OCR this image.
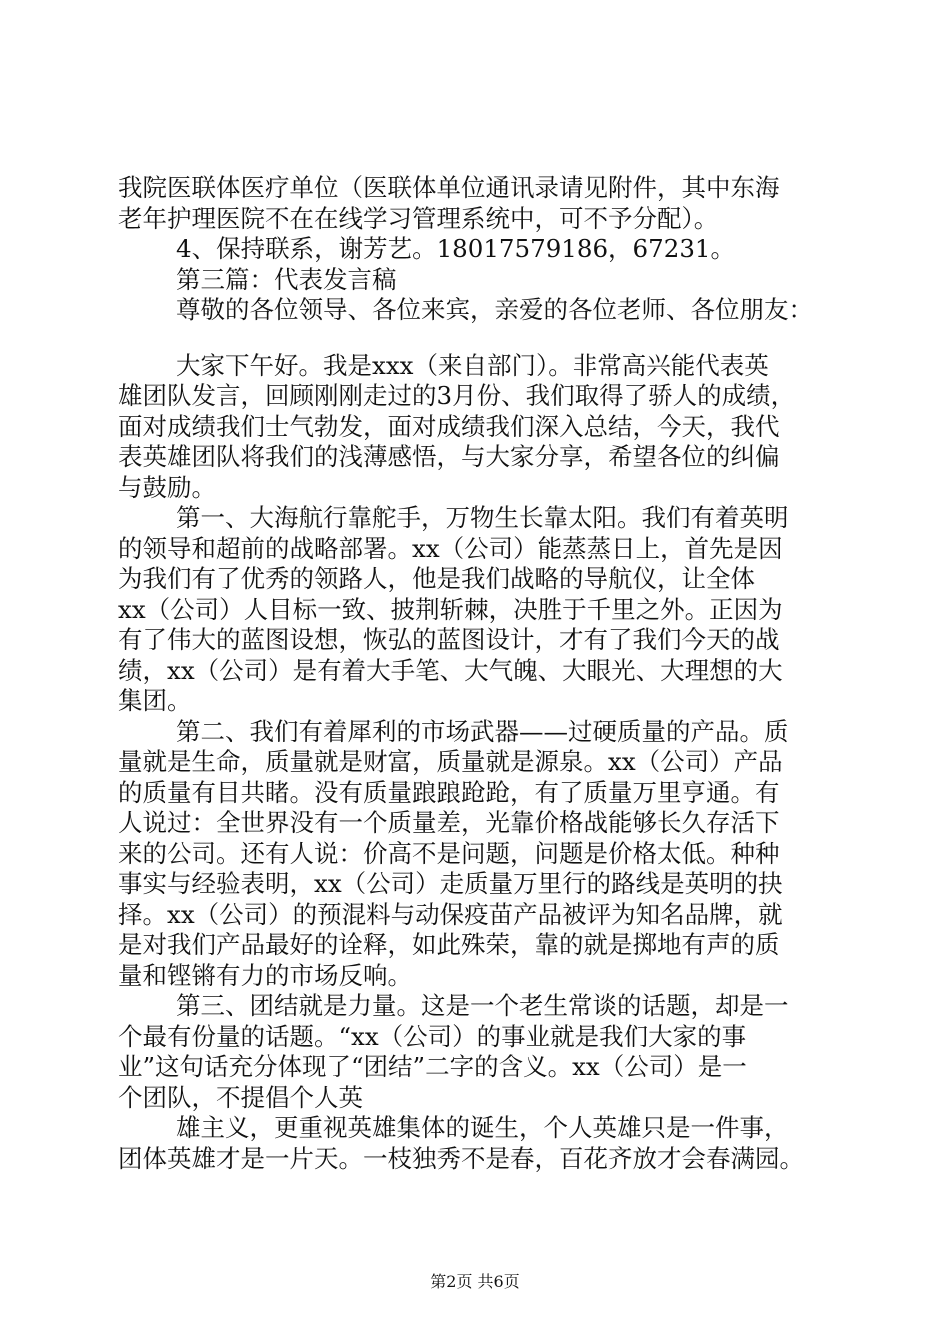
我院医联体医疗单位（医联体单位通讯录请见附件，其中东海
老年护理医院不在在线学习管理系统中，可不予分配）。
4、保持联系，谢芳艺。18017579186，67231。
第三篇：代表发言稿
尊敬的各位领导、各位来宾，亲爱的各位老师、各位朋友：
大家下午好。我是xxx（来自部门）。非常高兴能代表英
雄团队发言，回顾刚刚走过的3月份、我们取得了骄人的成绩，
面对成绩我们士气勃发，面对成绩我们深入总结，今天，我代
表英雄团队将我们的浅薄感悟，与大家分享，希望各位的纠偏
与鼓励。
第一、大海航行靠舵手，万物生长靠太阳。我们有着英明
的领导和超前的战略部署。xx（公司）能蒸蒸日上，首先是因
为我们有了优秀的领路人，他是我们战略的导航仪，让全体
xx（公司）人目标一致、披荆斩棘，决胜于千里之外。正因为
有了伟大的蓝图设想，恢弘的蓝图设计，才有了我们今天的战
绩，xx（公司）是有着大手笔、大气魄、大眼光、大理想的大
集团。
第二、我们有着犀利的市场武器——过硬质量的产品。质
量就是生命，质量就是财富，质量就是源泉。xx（公司）产品
的质量有目共睹。没有质量踉踉跄跄，有了质量万里亨通。有
人说过：全世界没有一个质量差，光靠价格战能够长久存活下
来的公司。还有人说：价高不是问题，问题是价格太低。种种
事实与经验表明，xx（公司）走质量万里行的路线是英明的抉
择。xx（公司）的预混料与动保疫苗产品被评为知名品牌，就
是对我们产品最好的诠释，如此殊荣，靠的就是掷地有声的质
量和铿锵有力的市场反响。
第三、团结就是力量。这是一个老生常谈的话题，却是一
个最有份量的话题。“xx（公司）的事业就是我们大家的事
业”这句话充分体现了“团结”二字的含义。xx（公司）是一
个团队，不提倡个人英
雄主义，更重视英雄集体的诞生，个人英雄只是一件事，
团体英雄才是一片天。一枝独秀不是春，百花齐放才会春满园。
第2页 共6页
